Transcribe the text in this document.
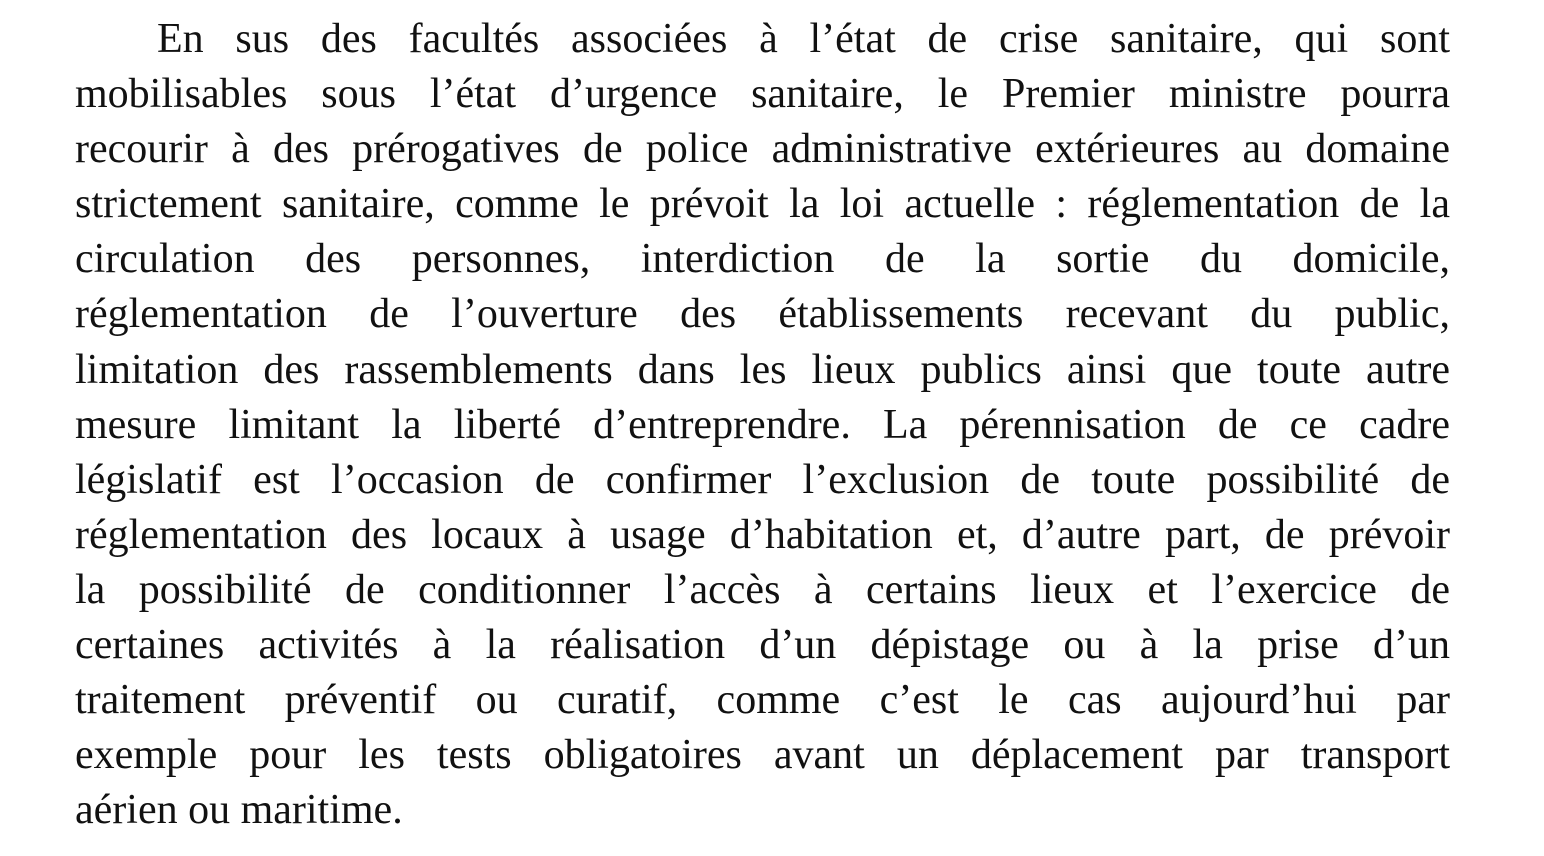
En sus des facultés associées à l’état de crise sanitaire, qui sont
mobilisables sous l’état d’urgence sanitaire, le Premier ministre pourra
recourir à des prérogatives de police administrative extérieures au domaine
strictement sanitaire, comme le prévoit la loi actuelle : réglementation de la
circulation des personnes, interdiction de la sortie du domicile,
réglementation de l’ouverture des établissements recevant du public,
limitation des rassemblements dans les lieux publics ainsi que toute autre
mesure limitant la liberté d’entreprendre. La pérennisation de ce cadre
législatif est l’occasion de confirmer l’exclusion de toute possibilité de
réglementation des locaux à usage d’habitation et, d’autre part, de prévoir
la possibilité de conditionner l’accès à certains lieux et l’exercice de
certaines activités à la réalisation d’un dépistage ou à la prise d’un
traitement préventif ou curatif, comme c’est le cas aujourd’hui par
exemple pour les tests obligatoires avant un déplacement par transport
aérien ou maritime.
